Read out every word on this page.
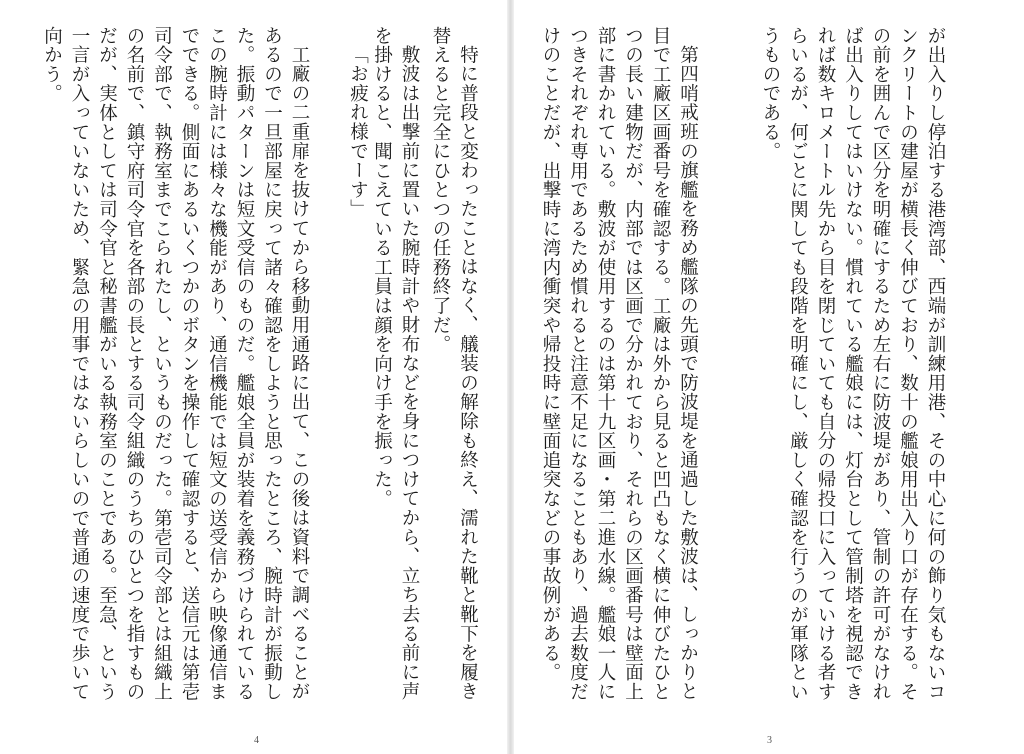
敷波は出撃前に置いた腕時計や財布などを身につけてから、立ち去る前に声を掛けると、聞こえている工員は顔を向け手を振った。

工廠の二重扉を抜けてから移動用通路に出て、この後は資料で調べることがあるので一旦部屋に戻って諸々確認をしようと思ったところ、腕時計が振動した。振動パターンは短文受信のものだ。艦娘全員が装着を義務づけられているこの腕時計には様々な機能があり、通信機能では短文の送受信から映像通信までできる。側面にあるいくつかのボタンを操作して確認すると、送信元は第壱司令部で、執務室までこられたし、というものだった。第壱司令部とは組織上の名前で、鎮守府司令官を各部の長とする司令組織のうちのひとつを指すものだが、実体としては司令官と秘書艦がいる執務室のことである。至急、という一言が入っていないため、緊急の用事ではないらしいので普通の速度で歩いて向かう。

4

が出入りし停泊する港湾部、西端が訓練用港、その中心に何の飾り気もないコンクリートの建屋が横長く伸びており、数十の艦娘用出入り口が存在する。その前を囲んで区分を明確にするため左右に防波堤があり、管制の許可がなければ出入りしてはいけない。慣れている艦娘には、灯台として管制塔を視認できれば数キロメートル先から目を閉じていても自分の帰投口に入っていける者すらいるが、何ごとに関しても段階を明確にし、厳しく確認を行うのが軍隊というものである。

第四哨戒班の旗艦を務め艦隊の先頭で防波堤を通過した敷波は、しっかりと目で工廠区画番号を確認する。工廠は外から見ると凹凸もなく横に伸びたひとつの長い建物だが、内部では区画で分かれており、それらの区画番号は壁面上部に書かれている。敷波が使用するのは第十九区画・第二進水線。艦娘一人につきそれぞれ専用であるため慣れると注意不足になることもあり、過去数度だけのことだが、出撃時に湾内衝突や帰投時に壁面追突などの事故例がある。

特に普段と変わったことはなく、艤装の解除も終え、濡れた靴と靴下を履き替えると完全にひとつの任務終了だ。

「お疲れ様でーす」

3
